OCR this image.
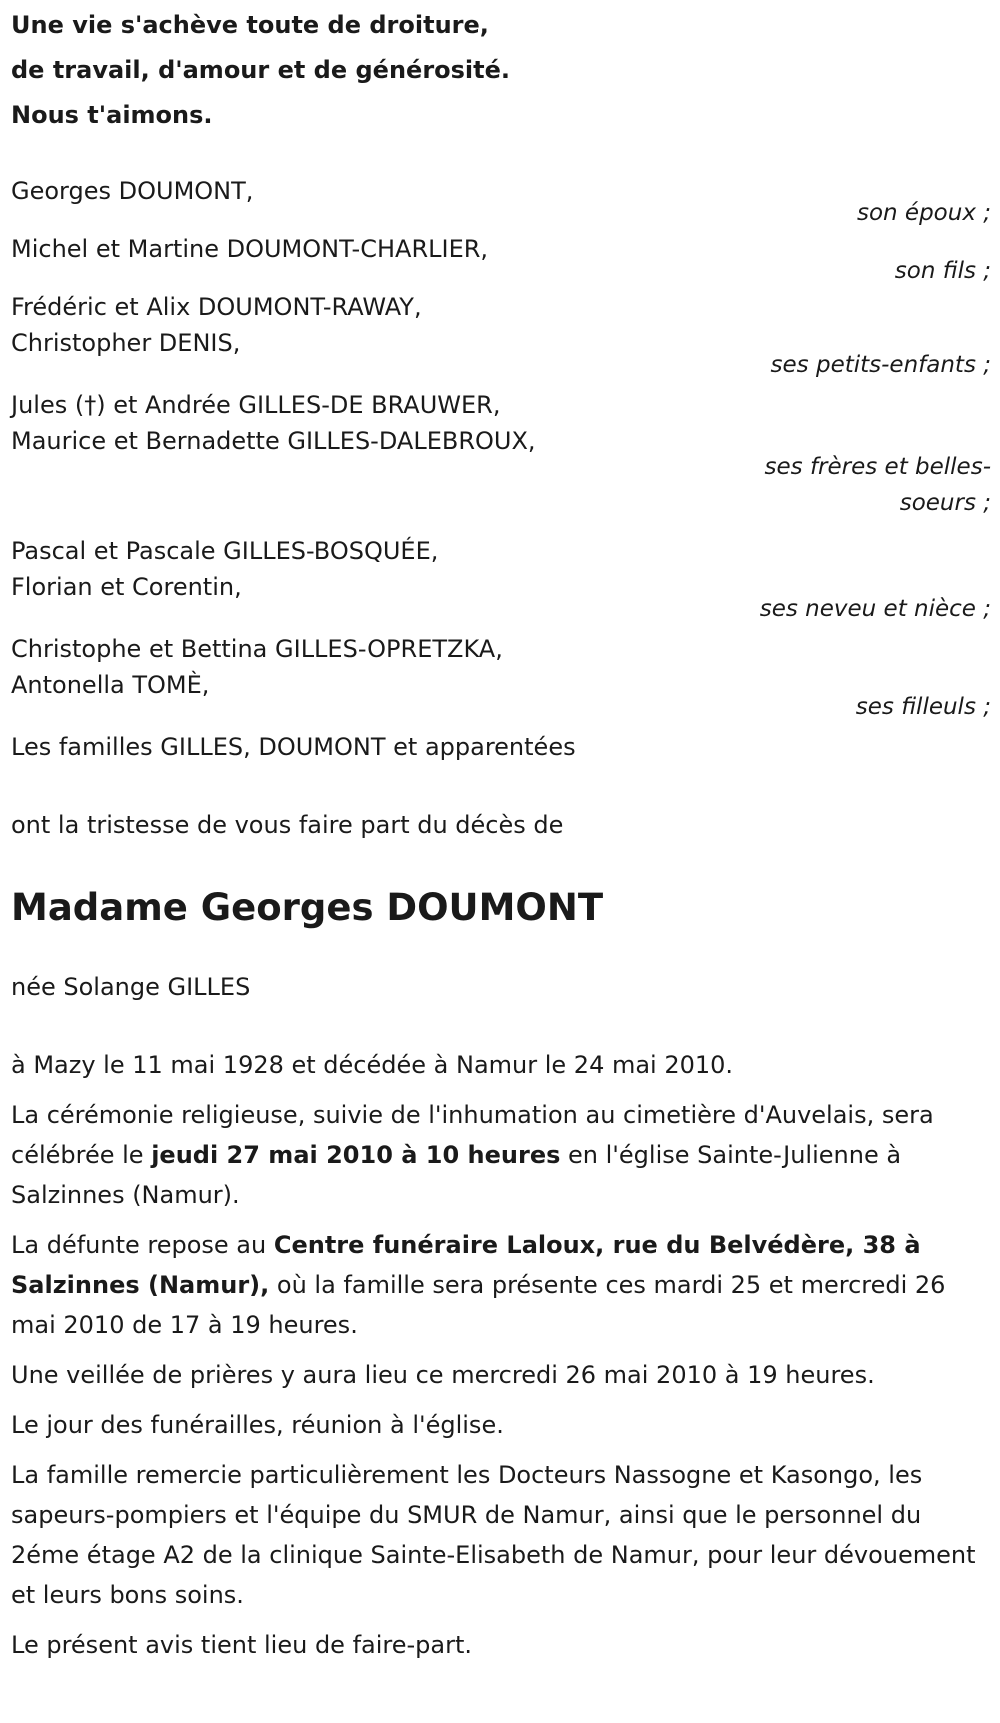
Une vie s'achève toute de droiture,
de travail, d'amour et de générosité.
Nous t'aimons.
Georges DOUMONT,
son époux ;
Michel et Martine DOUMONT-CHARLIER,
son fils ;
Frédéric et Alix DOUMONT-RAWAY,
Christopher DENIS,
ses petits-enfants ;
Jules (†) et Andrée GILLES-DE BRAUWER,
Maurice et Bernadette GILLES-DALEBROUX,
ses frères et belles-
soeurs ;
Pascal et Pascale GILLES-BOSQUÉE,
Florian et Corentin,
ses neveu et nièce ;
Christophe et Bettina GILLES-OPRETZKA,
Antonella TOMÈ,
ses filleuls ;
Les familles GILLES, DOUMONT et apparentées
ont la tristesse de vous faire part du décès de
Madame Georges DOUMONT
née Solange GILLES
à Mazy le 11 mai 1928 et décédée à Namur le 24 mai 2010.
La cérémonie religieuse, suivie de l'inhumation au cimetière d'Auvelais, sera célébrée le jeudi 27 mai 2010 à 10 heures en l'église Sainte-Julienne à Salzinnes (Namur).
La défunte repose au Centre funéraire Laloux, rue du Belvédère, 38 à Salzinnes (Namur), où la famille sera présente ces mardi 25 et mercredi 26 mai 2010 de 17 à 19 heures.
Une veillée de prières y aura lieu ce mercredi 26 mai 2010 à 19 heures.
Le jour des funérailles, réunion à l'église.
La famille remercie particulièrement les Docteurs Nassogne et Kasongo, les sapeurs-pompiers et l'équipe du SMUR de Namur, ainsi que le personnel du 2éme étage A2 de la clinique Sainte-Elisabeth de Namur, pour leur dévouement et leurs bons soins.
Le présent avis tient lieu de faire-part.
